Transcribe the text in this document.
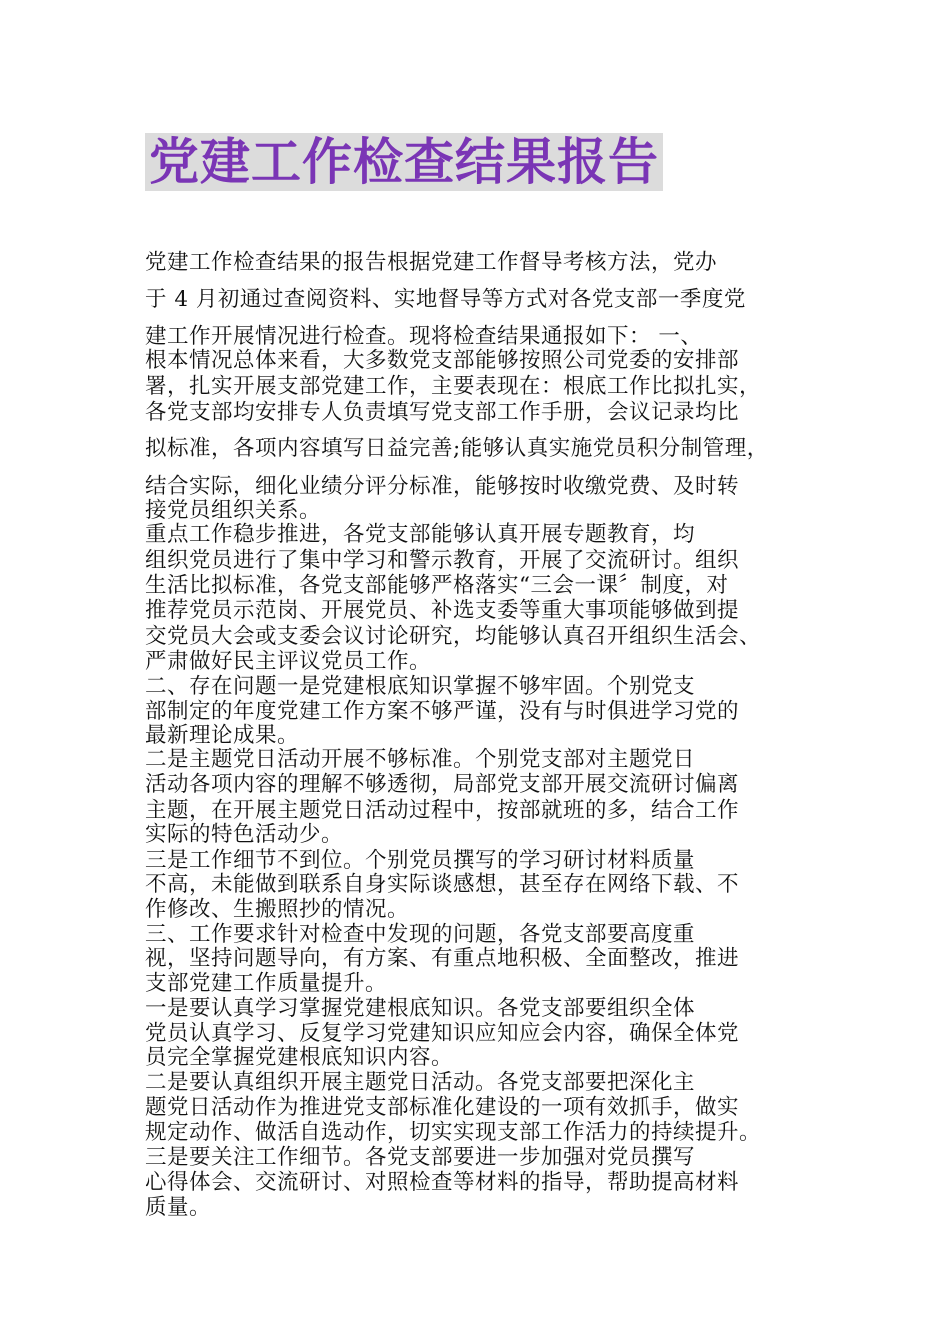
党建工作检查结果报告
党建工作检查结果的报告根据党建工作督导考核方法，党办
于 4 月初通过查阅资料、实地督导等方式对各党支部一季度党
建工作开展情况进行检查。现将检查结果通报如下： 一、
根本情况总体来看，大多数党支部能够按照公司党委的安排部
署，扎实开展支部党建工作，主要表现在：根底工作比拟扎实，
各党支部均安排专人负责填写党支部工作手册，会议记录均比
拟标准，各项内容填写日益完善;能够认真实施党员积分制管理，
结合实际，细化业绩分评分标准，能够按时收缴党费、及时转
接党员组织关系。
重点工作稳步推进，各党支部能够认真开展专题教育，均
组织党员进行了集中学习和警示教育，开展了交流研讨。组织
生活比拟标准，各党支部能够严格落实“三会一课〞制度，对
推荐党员示范岗、开展党员、补选支委等重大事项能够做到提
交党员大会或支委会议讨论研究，均能够认真召开组织生活会、
严肃做好民主评议党员工作。
二、存在问题一是党建根底知识掌握不够牢固。个别党支
部制定的年度党建工作方案不够严谨，没有与时俱进学习党的
最新理论成果。
二是主题党日活动开展不够标准。个别党支部对主题党日
活动各项内容的理解不够透彻，局部党支部开展交流研讨偏离
主题，在开展主题党日活动过程中，按部就班的多，结合工作
实际的特色活动少。
三是工作细节不到位。个别党员撰写的学习研讨材料质量
不高，未能做到联系自身实际谈感想，甚至存在网络下载、不
作修改、生搬照抄的情况。
三、工作要求针对检查中发现的问题，各党支部要高度重
视，坚持问题导向，有方案、有重点地积极、全面整改，推进
支部党建工作质量提升。
一是要认真学习掌握党建根底知识。各党支部要组织全体
党员认真学习、反复学习党建知识应知应会内容，确保全体党
员完全掌握党建根底知识内容。
二是要认真组织开展主题党日活动。各党支部要把深化主
题党日活动作为推进党支部标准化建设的一项有效抓手，做实
规定动作、做活自选动作，切实实现支部工作活力的持续提升。
三是要关注工作细节。各党支部要进一步加强对党员撰写
心得体会、交流研讨、对照检查等材料的指导，帮助提高材料
质量。
